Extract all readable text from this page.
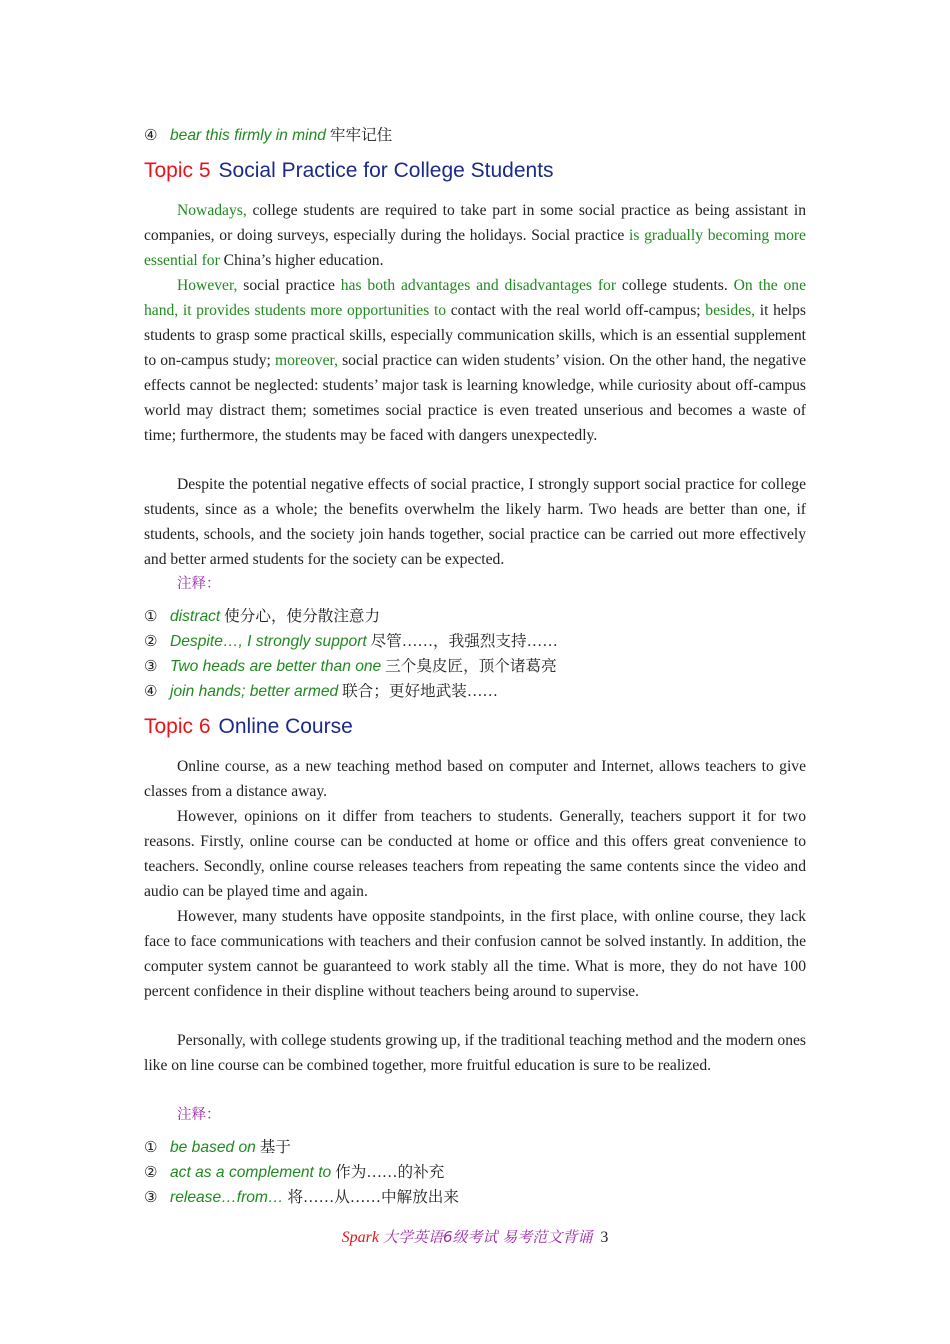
④ bear this firmly in mind 牢牢记住
Topic 5 Social Practice for College Students
Nowadays, college students are required to take part in some social practice as being assistant in companies, or doing surveys, especially during the holidays. Social practice is gradually becoming more essential for China’s higher education.
However, social practice has both advantages and disadvantages for college students. On the one hand, it provides students more opportunities to contact with the real world off-campus; besides, it helps students to grasp some practical skills, especially communication skills, which is an essential supplement to on-campus study; moreover, social practice can widen students’ vision. On the other hand, the negative effects cannot be neglected: students’ major task is learning knowledge, while curiosity about off-campus world may distract them; sometimes social practice is even treated unserious and becomes a waste of time; furthermore, the students may be faced with dangers unexpectedly.
Despite the potential negative effects of social practice, I strongly support social practice for college students, since as a whole; the benefits overwhelm the likely harm. Two heads are better than one, if students, schools, and the society join hands together, social practice can be carried out more effectively and better armed students for the society can be expected.
注释：
① distract 使分心，使分散注意力
② Despite…, I strongly support 尽管……，我强烈支持……
③ Two heads are better than one 三个臭皮匠，顶个诸葛亮
④ join hands; better armed 联合；更好地武装……
Topic 6 Online Course
Online course, as a new teaching method based on computer and Internet, allows teachers to give classes from a distance away.
However, opinions on it differ from teachers to students. Generally, teachers support it for two reasons. Firstly, online course can be conducted at home or office and this offers great convenience to teachers. Secondly, online course releases teachers from repeating the same contents since the video and audio can be played time and again.
However, many students have opposite standpoints, in the first place, with online course, they lack face to face communications with teachers and their confusion cannot be solved instantly. In addition, the computer system cannot be guaranteed to work stably all the time. What is more, they do not have 100 percent confidence in their displine without teachers being around to supervise.
Personally, with college students growing up, if the traditional teaching method and the modern ones like on line course can be combined together, more fruitful education is sure to be realized.
注释：
① be based on 基于
② act as a complement to 作为……的补充
③ release…from… 将……从……中解放出来
Spark 大学英语6级考试 易考范文背诵 3
